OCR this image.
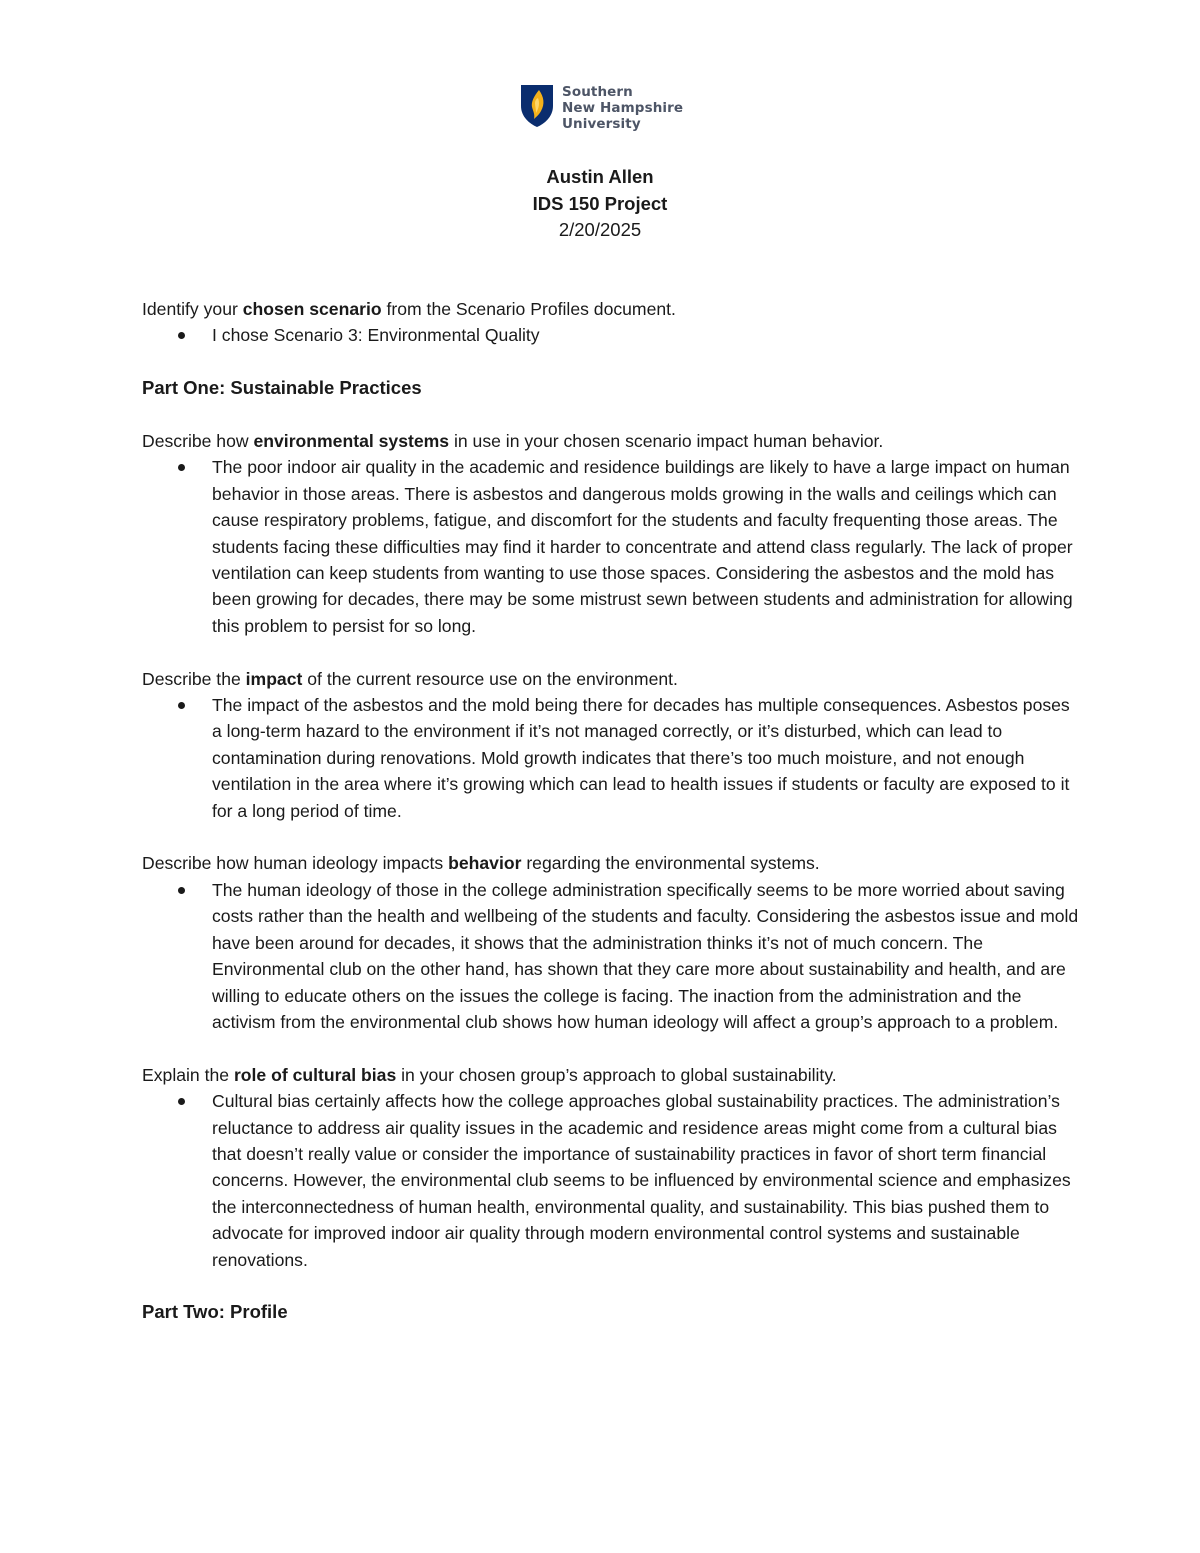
Southern
New Hampshire
University
Austin Allen
IDS 150 Project
2/20/2025

Identify your chosen scenario from the Scenario Profiles document.

I chose Scenario 3: Environmental Quality

Part One: Sustainable Practices

Describe how environmental systems in use in your chosen scenario impact human behavior.

The poor indoor air quality in the academic and residence buildings are likely to have a large impact on human behavior in those areas. There is asbestos and dangerous molds growing in the walls and ceilings which can cause respiratory problems, fatigue, and discomfort for the students and faculty frequenting those areas. The students facing these difficulties may find it harder to concentrate and attend class regularly. The lack of proper ventilation can keep students from wanting to use those spaces. Considering the asbestos and the mold has been growing for decades, there may be some mistrust sewn between students and administration for allowing this problem to persist for so long.

Describe the impact of the current resource use on the environment.

The impact of the asbestos and the mold being there for decades has multiple consequences. Asbestos poses a long-term hazard to the environment if it’s not managed correctly, or it’s disturbed, which can lead to contamination during renovations. Mold growth indicates that there’s too much moisture, and not enough ventilation in the area where it’s growing which can lead to health issues if students or faculty are exposed to it for a long period of time.

Describe how human ideology impacts behavior regarding the environmental systems.

The human ideology of those in the college administration specifically seems to be more worried about saving costs rather than the health and wellbeing of the students and faculty. Considering the asbestos issue and mold have been around for decades, it shows that the administration thinks it’s not of much concern. The Environmental club on the other hand, has shown that they care more about sustainability and health, and are willing to educate others on the issues the college is facing. The inaction from the administration and the activism from the environmental club shows how human ideology will affect a group’s approach to a problem.

Explain the role of cultural bias in your chosen group’s approach to global sustainability.

Cultural bias certainly affects how the college approaches global sustainability practices. The administration’s reluctance to address air quality issues in the academic and residence areas might come from a cultural bias that doesn’t really value or consider the importance of sustainability practices in favor of short term financial concerns. However, the environmental club seems to be influenced by environmental science and emphasizes the interconnectedness of human health, environmental quality, and sustainability. This bias pushed them to advocate for improved indoor air quality through modern environmental control systems and sustainable renovations.

Part Two: Profile
